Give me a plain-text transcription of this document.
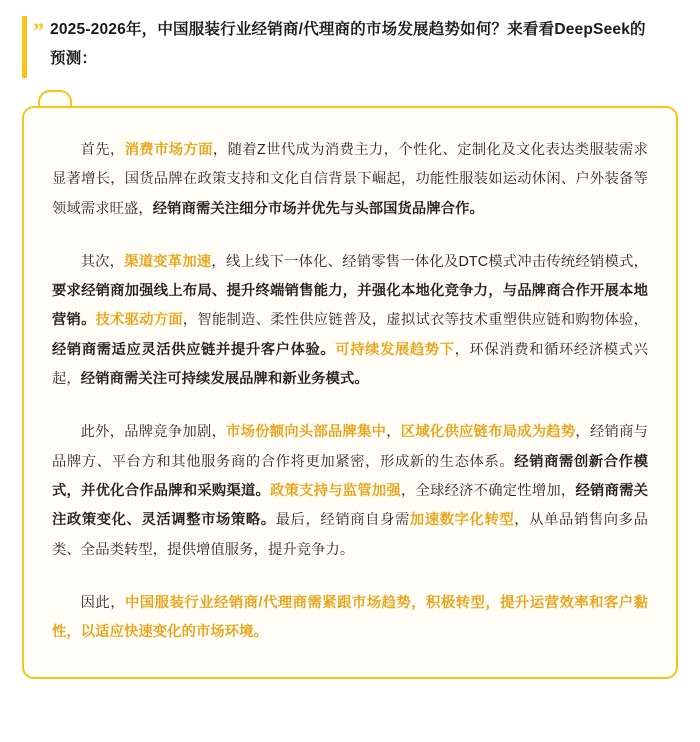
” 2025-2026年，中国服装行业经销商/代理商的市场发展趋势如何？来看看DeepSeek的预测：

首先，消费市场方面，随着Z世代成为消费主力，个性化、定制化及文化表达类服装需求显著增长，国货品牌在政策支持和文化自信背景下崛起，功能性服装如运动休闲、户外装备等领域需求旺盛，经销商需关注细分市场并优先与头部国货品牌合作。

其次，渠道变革加速，线上线下一体化、经销零售一体化及DTC模式冲击传统经销模式，要求经销商加强线上布局、提升终端销售能力，并强化本地化竞争力，与品牌商合作开展本地营销。技术驱动方面，智能制造、柔性供应链普及，虚拟试衣等技术重塑供应链和购物体验，经销商需适应灵活供应链并提升客户体验。可持续发展趋势下，环保消费和循环经济模式兴起，经销商需关注可持续发展品牌和新业务模式。

此外，品牌竞争加剧，市场份额向头部品牌集中，区域化供应链布局成为趋势，经销商与品牌方、平台方和其他服务商的合作将更加紧密，形成新的生态体系。经销商需创新合作模式，并优化合作品牌和采购渠道。政策支持与监管加强，全球经济不确定性增加，经销商需关注政策变化、灵活调整市场策略。最后，经销商自身需加速数字化转型，从单品销售向多品类、全品类转型，提供增值服务，提升竞争力。

因此，中国服装行业经销商/代理商需紧跟市场趋势，积极转型，提升运营效率和客户黏性，以适应快速变化的市场环境。
